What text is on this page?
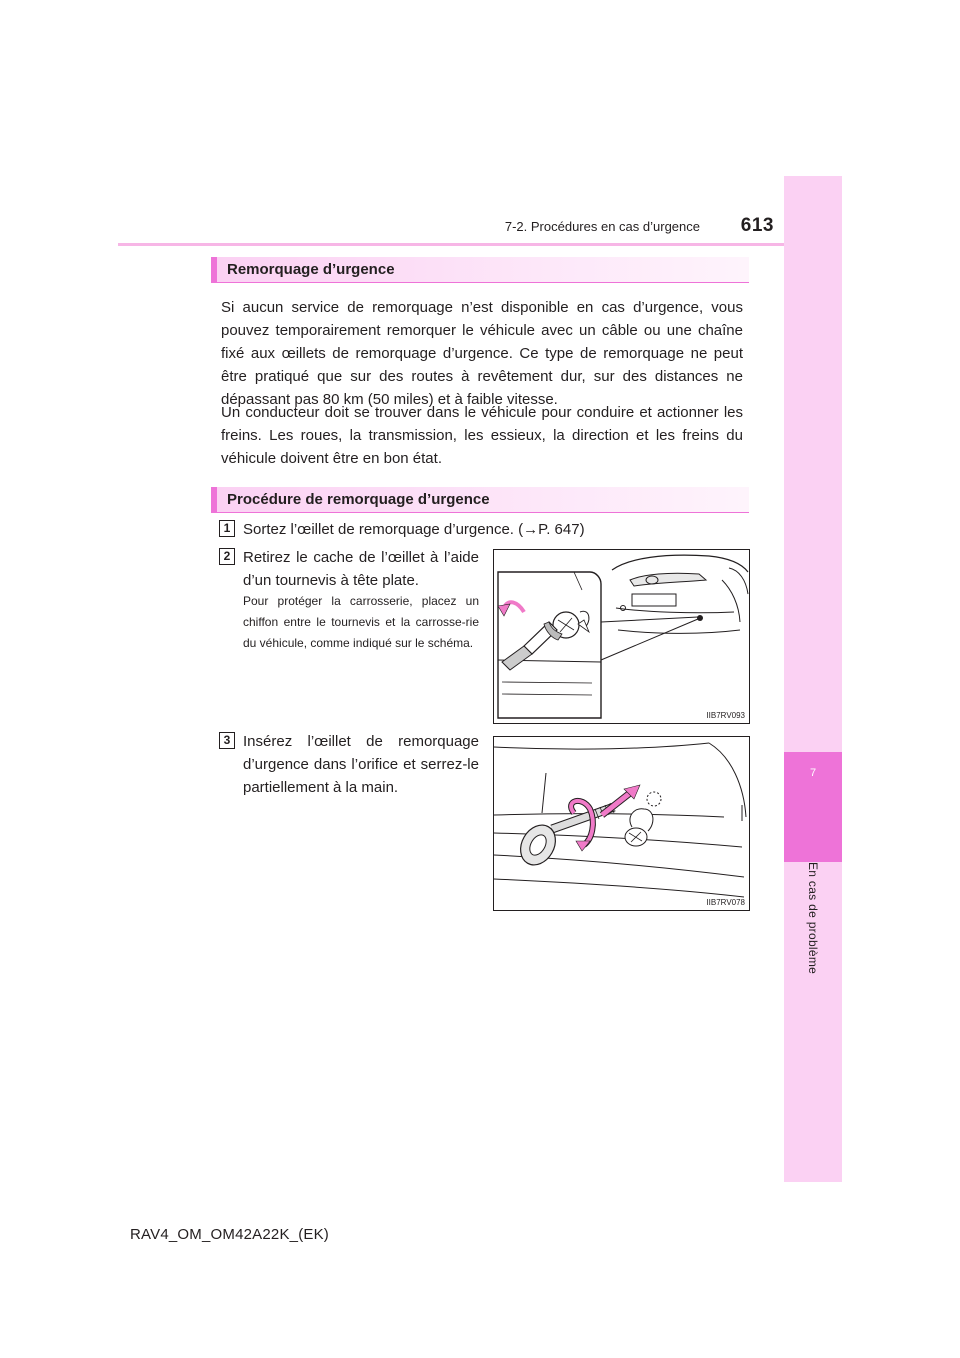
7-2. Procédures en cas d’urgence	613
7
En cas de problème
Remorquage d’urgence

Si aucun service de remorquage n’est disponible en cas d’urgence, vous pouvez temporairement remorquer le véhicule avec un câble ou une chaîne fixé aux œillets de remorquage d’urgence. Ce type de remorquage ne peut être pratiqué que sur des routes à revêtement dur, sur des distances ne dépassant pas 80 km (50 miles) et à faible vitesse.

Un conducteur doit se trouver dans le véhicule pour conduire et actionner les freins. Les roues, la transmission, les essieux, la direction et les freins du véhicule doivent être en bon état.

Procédure de remorquage d’urgence
1 Sortez l’œillet de remorquage d’urgence. (→P. 647)

2 Retirez le cache de l’œillet à l’aide d’un tournevis à tête plate.

Pour protéger la carrosserie, placez un chiffon entre le tournevis et la carrosse-rie du véhicule, comme indiqué sur le schéma.

IIB7RV093
3 Insérez l’œillet de remorquage d’urgence dans l’orifice et serrez-le partiellement à la main.

IIB7RV078
RAV4_OM_OM42A22K_(EK)
